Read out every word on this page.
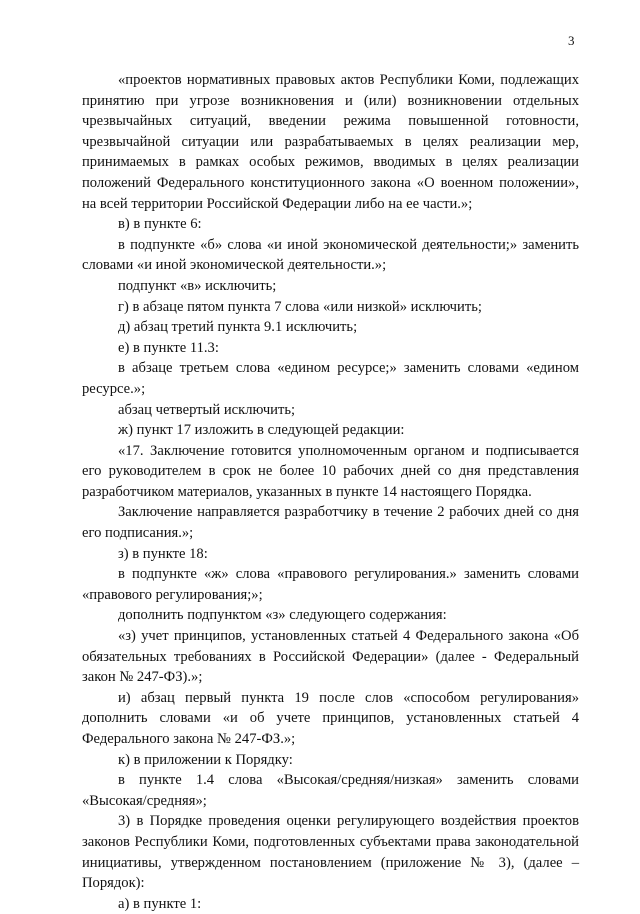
3

«проектов нормативных правовых актов Республики Коми, подлежащих принятию при угрозе возникновения и (или) возникновении отдельных чрезвычайных ситуаций, введении режима повышенной готовности, чрезвычайной ситуации или разрабатываемых в целях реализации мер, принимаемых в рамках особых режимов, вводимых в целях реализации положений Федерального конституционного закона «О военном положении», на всей территории Российской Федерации либо на ее части.»;

в) в пункте 6:

в подпункте «б» слова «и иной экономической деятельности;» заменить словами «и иной экономической деятельности.»;

подпункт «в» исключить;

г) в абзаце пятом пункта 7 слова «или низкой» исключить;

д) абзац третий пункта 9.1 исключить;

е) в пункте 11.3:

в абзаце третьем слова «едином ресурсе;» заменить словами «едином ресурсе.»;

абзац четвертый исключить;

ж) пункт 17 изложить в следующей редакции:

«17. Заключение готовится уполномоченным органом и подписывается его руководителем в срок не более 10 рабочих дней со дня представления разработчиком материалов, указанных в пункте 14 настоящего Порядка.

Заключение направляется разработчику в течение 2 рабочих дней со дня его подписания.»;

з) в пункте 18:

в подпункте «ж» слова «правового регулирования.» заменить словами «правового регулирования;»;

дополнить подпунктом «з» следующего содержания:

«з) учет принципов, установленных статьей 4 Федерального закона «Об обязательных требованиях в Российской Федерации» (далее - Федеральный закон № 247-ФЗ).»;

и) абзац первый пункта 19 после слов «способом регулирования» дополнить словами «и об учете принципов, установленных статьей 4 Федерального закона № 247-ФЗ.»;

к) в приложении к Порядку:

в пункте 1.4 слова «Высокая/средняя/низкая» заменить словами «Высокая/средняя»;

3) в Порядке проведения оценки регулирующего воздействия проектов законов Республики Коми, подготовленных субъектами права законодательной инициативы, утвержденном постановлением (приложение № 3), (далее – Порядок):

а) в пункте 1:
